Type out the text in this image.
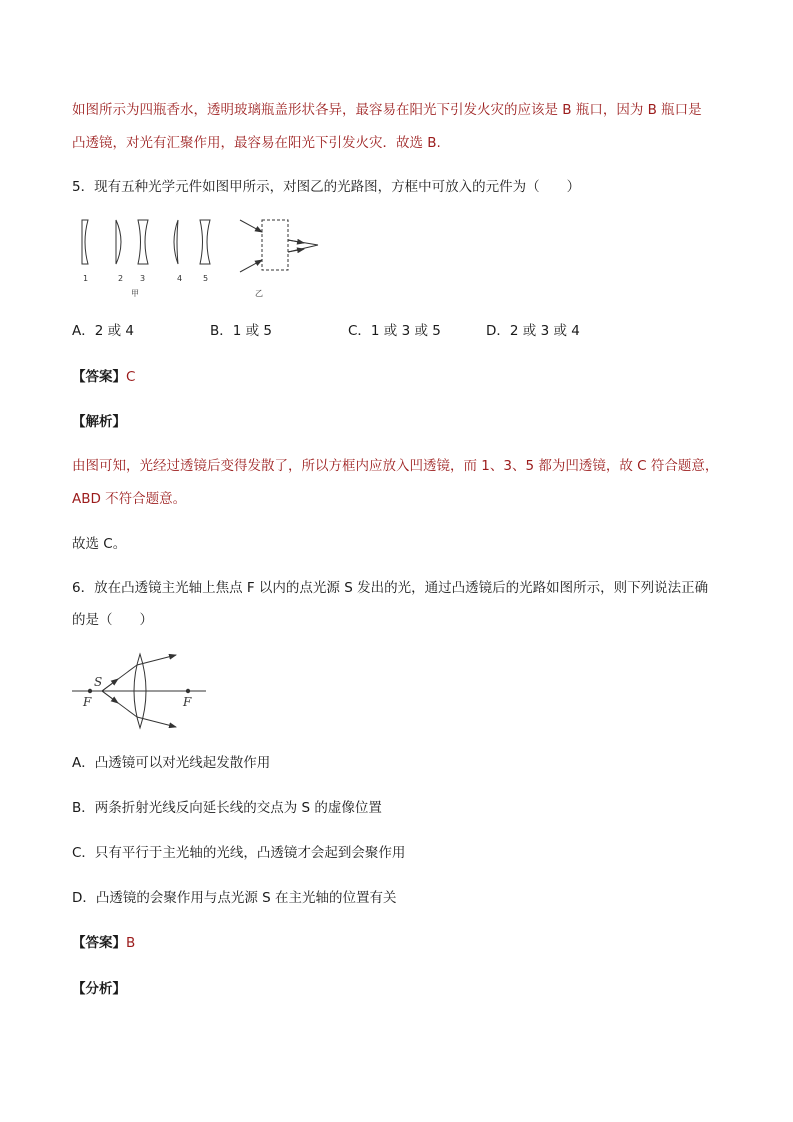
如图所示为四瓶香水，透明玻璃瓶盖形状各异，最容易在阳光下引发火灾的应该是 B 瓶口，因为 B 瓶口是
凸透镜，对光有汇聚作用，最容易在阳光下引发火灾．故选 B.
5．现有五种光学元件如图甲所示，对图乙的光路图，方框中可放入的元件为（　　）
1	2 3	4	5
甲	乙
A．2 或 4	B．1 或 5	C．1 或 3 或 5	D．2 或 3 或 4
【答案】C
【解析】
由图可知，光经过透镜后变得发散了，所以方框内应放入凹透镜，而 1、3、5 都为凹透镜，故 C 符合题意，
ABD 不符合题意。
故选 C。
6．放在凸透镜主光轴上焦点 F 以内的点光源 S 发出的光，通过凸透镜后的光路如图所示，则下列说法正确
的是（　　）
S
F	F
A．凸透镜可以对光线起发散作用
B．两条折射光线反向延长线的交点为 S 的虚像位置
C．只有平行于主光轴的光线，凸透镜才会起到会聚作用
D．凸透镜的会聚作用与点光源 S 在主光轴的位置有关
【答案】B
【分析】
